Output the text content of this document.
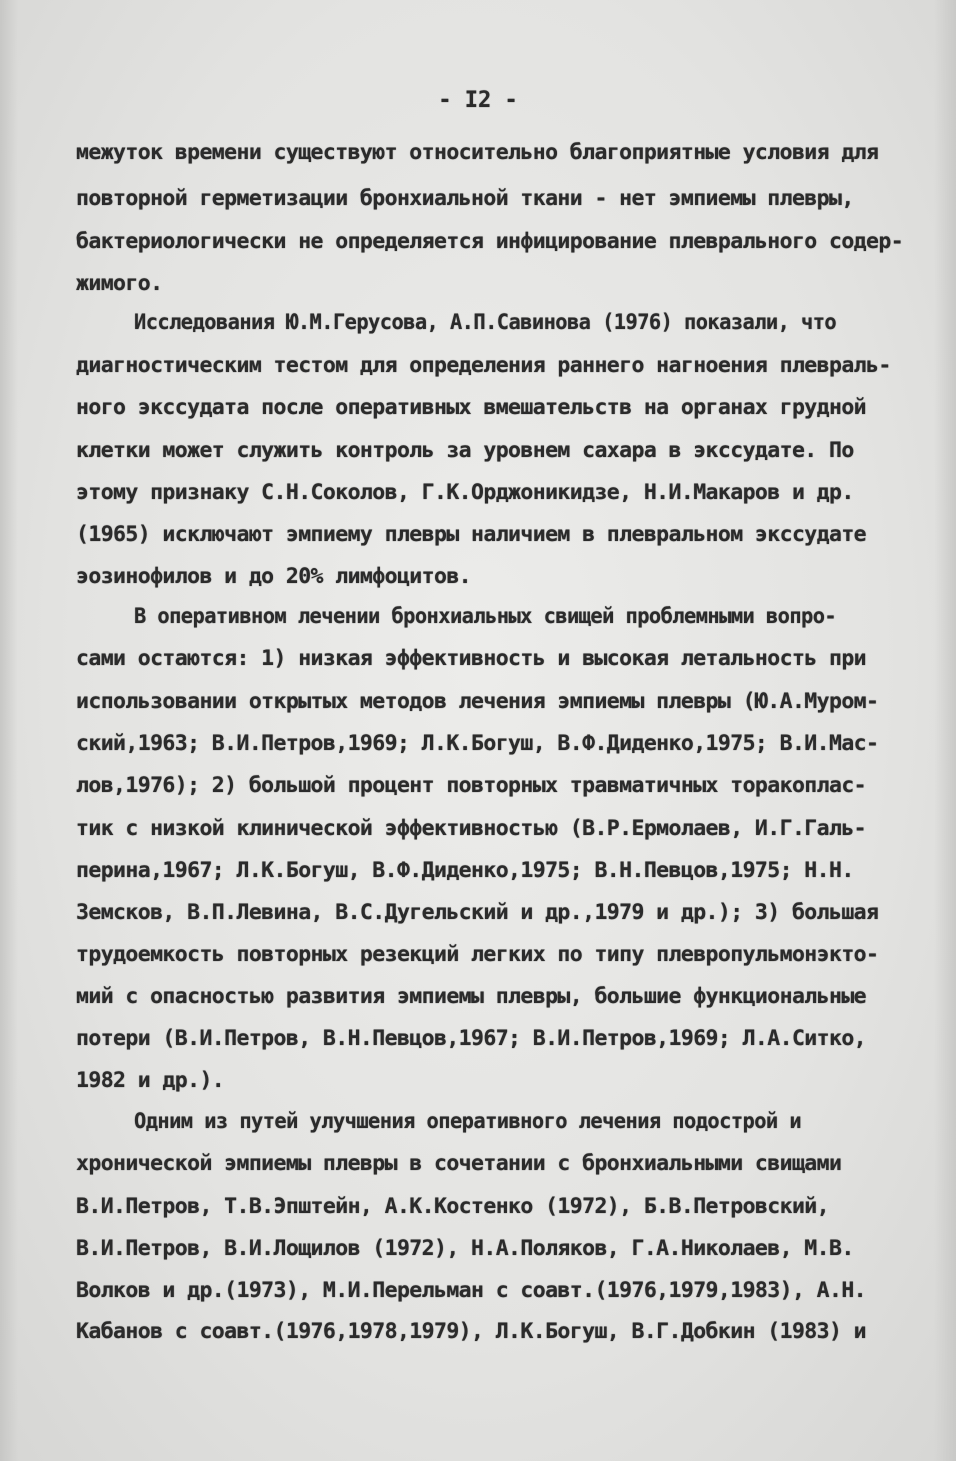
- I2 -
межуток времени существуют относительно благоприятные условия для
повторной герметизации бронхиальной ткани - нет эмпиемы плевры,
бактериологически не определяется инфицирование плеврального содер-
жимого.
Исследования Ю.М.Герусова, А.П.Савинова (1976) показали, что
диагностическим тестом для определения раннего нагноения плевраль-
ного экссудата после оперативных вмешательств на органах грудной
клетки может служить контроль за уровнем сахара в экссудате. По
этому признаку С.Н.Соколов, Г.К.Орджоникидзе, Н.И.Макаров и др.
(1965) исключают эмпиему плевры наличием в плевральном экссудате
эозинофилов и до 20% лимфоцитов.
В оперативном лечении бронхиальных свищей проблемными вопро-
сами остаются: 1) низкая эффективность и высокая летальность при
использовании открытых методов лечения эмпиемы плевры (Ю.А.Муром-
ский,1963; В.И.Петров,1969; Л.К.Богуш, В.Ф.Диденко,1975; В.И.Мас-
лов,1976); 2) большой процент повторных травматичных торакоплас-
тик с низкой клинической эффективностью (В.Р.Ермолаев, И.Г.Галь-
перина,1967; Л.К.Богуш, В.Ф.Диденко,1975; В.Н.Певцов,1975; Н.Н.
Земсков, В.П.Левина, В.С.Дугельский и др.,1979 и др.); 3) большая
трудоемкость повторных резекций легких по типу плевропульмонэкто-
мий с опасностью развития эмпиемы плевры, большие функциональные
потери (В.И.Петров, В.Н.Певцов,1967; В.И.Петров,1969; Л.А.Ситко,
1982 и др.).
Одним из путей улучшения оперативного лечения подострой и
хронической эмпиемы плевры в сочетании с бронхиальными свищами
В.И.Петров, Т.В.Эпштейн, А.К.Костенко (1972), Б.В.Петровский,
В.И.Петров, В.И.Лощилов (1972), Н.А.Поляков, Г.А.Николаев, М.В.
Волков и др.(1973), М.И.Перельман с соавт.(1976,1979,1983), А.Н.
Кабанов с соавт.(1976,1978,1979), Л.К.Богуш, В.Г.Добкин (1983) и
